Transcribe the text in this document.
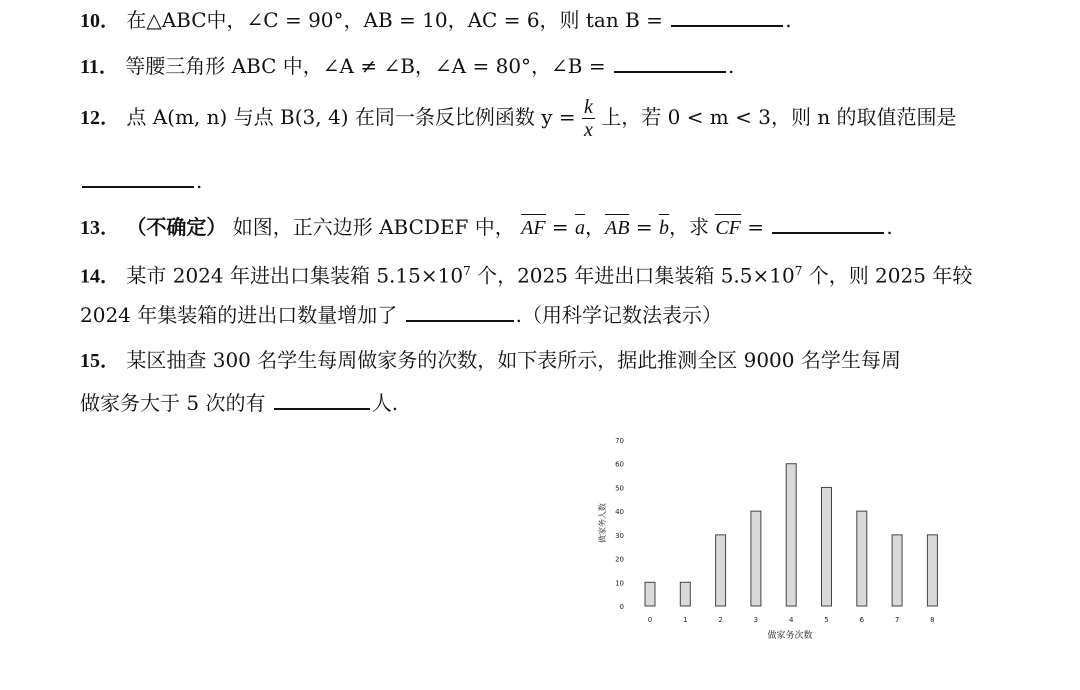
10． 在△ABC中，∠C = 90°，AB = 10，AC = 6，则 tan B =	.
11． 等腰三角形 ABC 中，∠A ≠ ∠B，∠A = 80°，∠B =	.
12． 点 A(m, n) 与点 B(3, 4) 在同一条反比例函数 $y = \frac{k}{x}$ 上，若 0 < m < 3，则 n 的取值范围是
.
13． （不确定） 如图，正六边形 ABCDEF 中， AF = a，AB = b，求 CF =	.
14． 某市 2024 年进出口集装箱 $5.15\times 10^7$ 个，2025 年进出口集装箱 $5.5\times 10^7$ 个，则 2025 年较
2024 年集装箱的进出口数量增加了	.（用科学记数法表示）
15． 某区抽查 300 名学生每周做家务的次数，如下表所示，据此推测全区 9000 名学生每周
做家务大于 5 次的有	人.
做家务人数
0
10
20
30
40
50
60
70
0	1	2	3	4	5	6	7	8
做家务次数
